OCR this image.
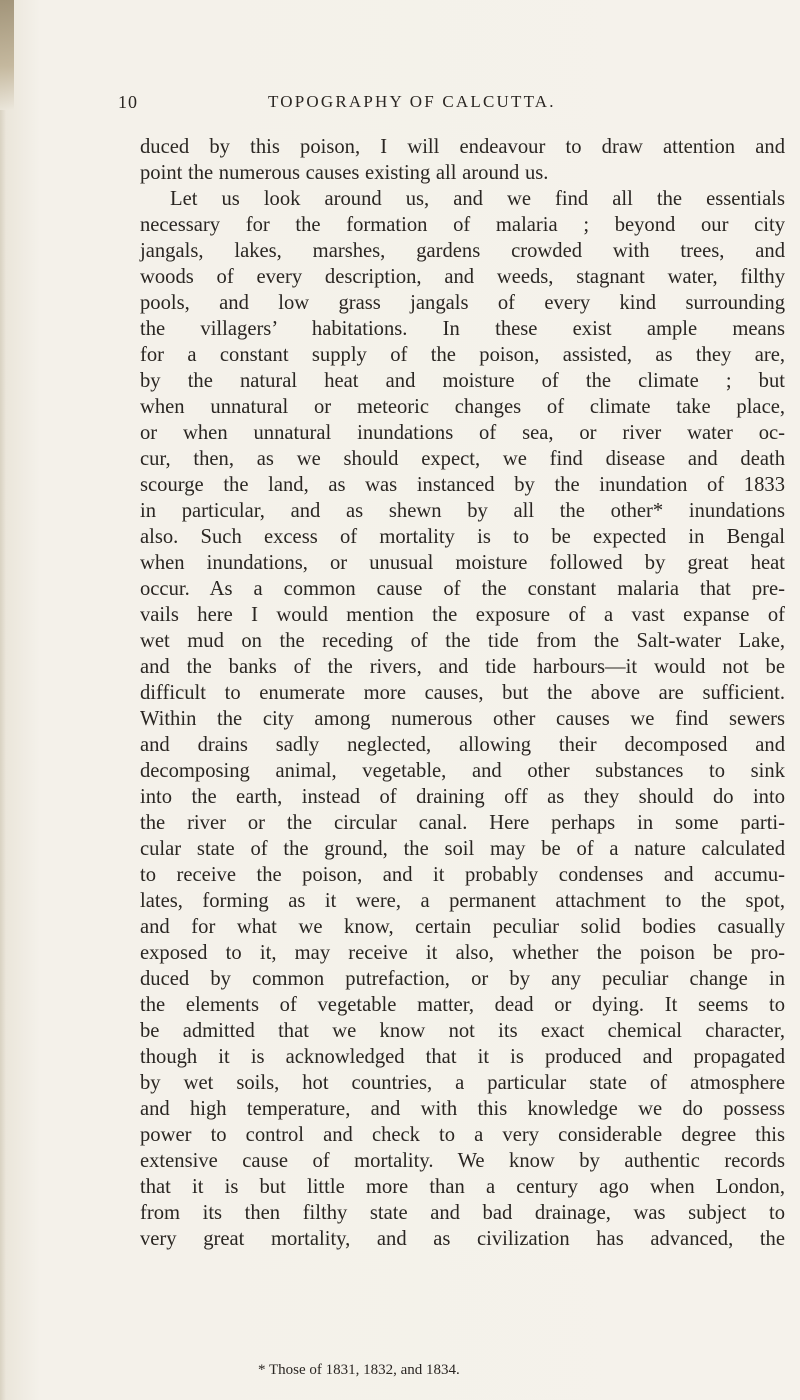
10	TOPOGRAPHY OF CALCUTTA.
duced by this poison, I will endeavour to draw attention and
point the numerous causes existing all around us.
Let us look around us, and we find all the essentials
necessary for the formation of malaria ; beyond our city
jangals, lakes, marshes, gardens crowded with trees, and
woods of every description, and weeds, stagnant water, filthy
pools, and low grass jangals of every kind surrounding
the villagers’ habitations. In these exist ample means
for a constant supply of the poison, assisted, as they are,
by the natural heat and moisture of the climate ; but
when unnatural or meteoric changes of climate take place,
or when unnatural inundations of sea, or river water oc-
cur, then, as we should expect, we find disease and death
scourge the land, as was instanced by the inundation of 1833
in particular, and as shewn by all the other* inundations
also. Such excess of mortality is to be expected in Bengal
when inundations, or unusual moisture followed by great heat
occur. As a common cause of the constant malaria that pre-
vails here I would mention the exposure of a vast expanse of
wet mud on the receding of the tide from the Salt-water Lake,
and the banks of the rivers, and tide harbours—it would not be
difficult to enumerate more causes, but the above are sufficient.
Within the city among numerous other causes we find sewers
and drains sadly neglected, allowing their decomposed and
decomposing animal, vegetable, and other substances to sink
into the earth, instead of draining off as they should do into
the river or the circular canal. Here perhaps in some parti-
cular state of the ground, the soil may be of a nature calculated
to receive the poison, and it probably condenses and accumu-
lates, forming as it were, a permanent attachment to the spot,
and for what we know, certain peculiar solid bodies casually
exposed to it, may receive it also, whether the poison be pro-
duced by common putrefaction, or by any peculiar change in
the elements of vegetable matter, dead or dying. It seems to
be admitted that we know not its exact chemical character,
though it is acknowledged that it is produced and propagated
by wet soils, hot countries, a particular state of atmosphere
and high temperature, and with this knowledge we do possess
power to control and check to a very considerable degree this
extensive cause of mortality. We know by authentic records
that it is but little more than a century ago when London,
from its then filthy state and bad drainage, was subject to
very great mortality, and as civilization has advanced, the
* Those of 1831, 1832, and 1834.
